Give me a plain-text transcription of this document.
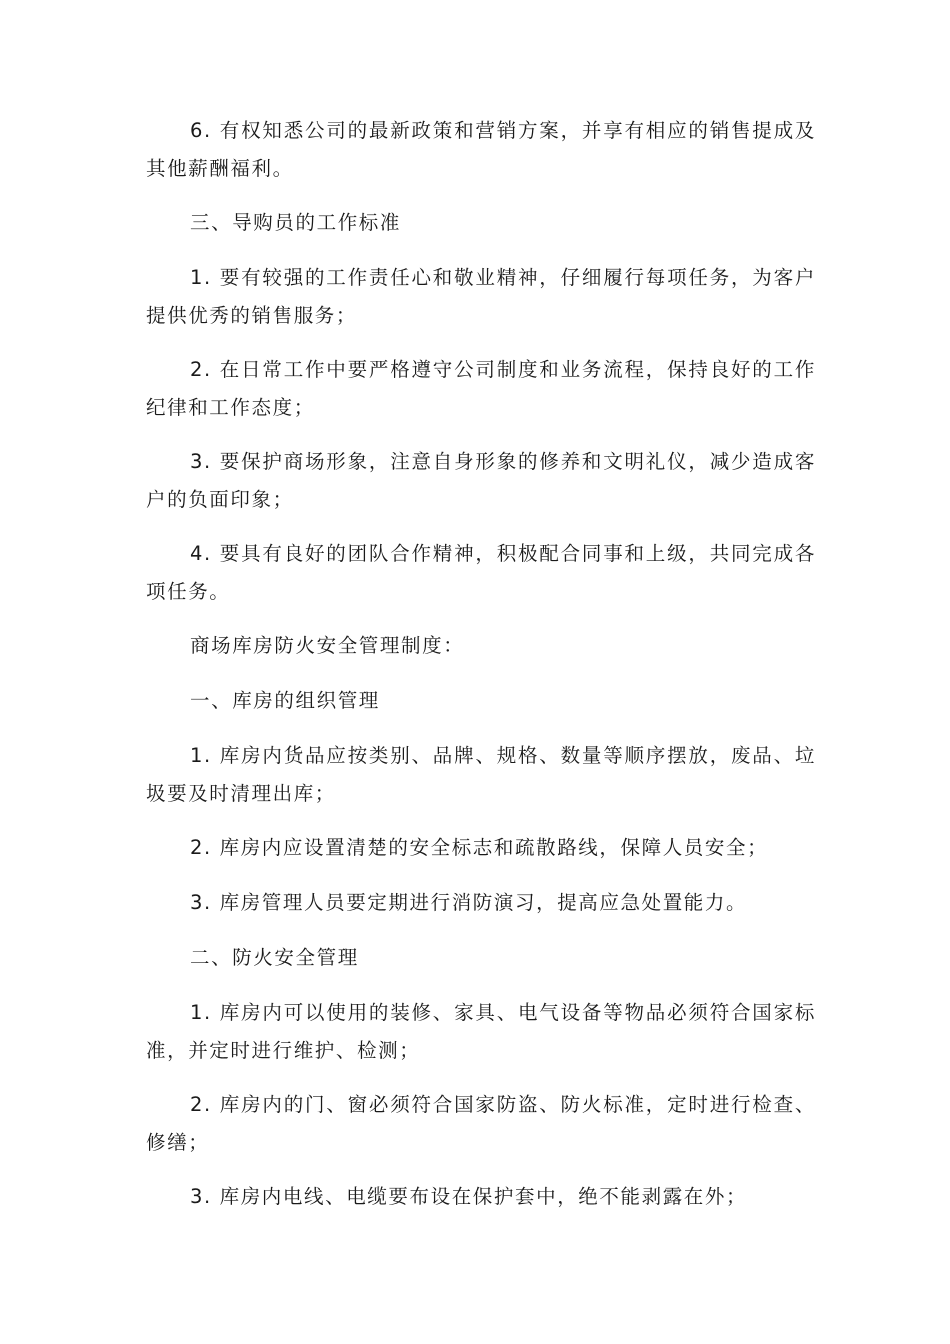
6. 有权知悉公司的最新政策和营销方案，并享有相应的销售提成及其他薪酬福利。

三、导购员的工作标准

1. 要有较强的工作责任心和敬业精神，仔细履行每项任务，为客户提供优秀的销售服务；

2. 在日常工作中要严格遵守公司制度和业务流程，保持良好的工作纪律和工作态度；

3. 要保护商场形象，注意自身形象的修养和文明礼仪，减少造成客户的负面印象；

4. 要具有良好的团队合作精神，积极配合同事和上级，共同完成各项任务。

商场库房防火安全管理制度：

一、库房的组织管理

1. 库房内货品应按类别、品牌、规格、数量等顺序摆放，废品、垃圾要及时清理出库；

2. 库房内应设置清楚的安全标志和疏散路线，保障人员安全；

3. 库房管理人员要定期进行消防演习，提高应急处置能力。

二、防火安全管理

1. 库房内可以使用的装修、家具、电气设备等物品必须符合国家标准，并定时进行维护、检测；

2. 库房内的门、窗必须符合国家防盗、防火标准，定时进行检查、修缮；

3. 库房内电线、电缆要布设在保护套中，绝不能剥露在外；
